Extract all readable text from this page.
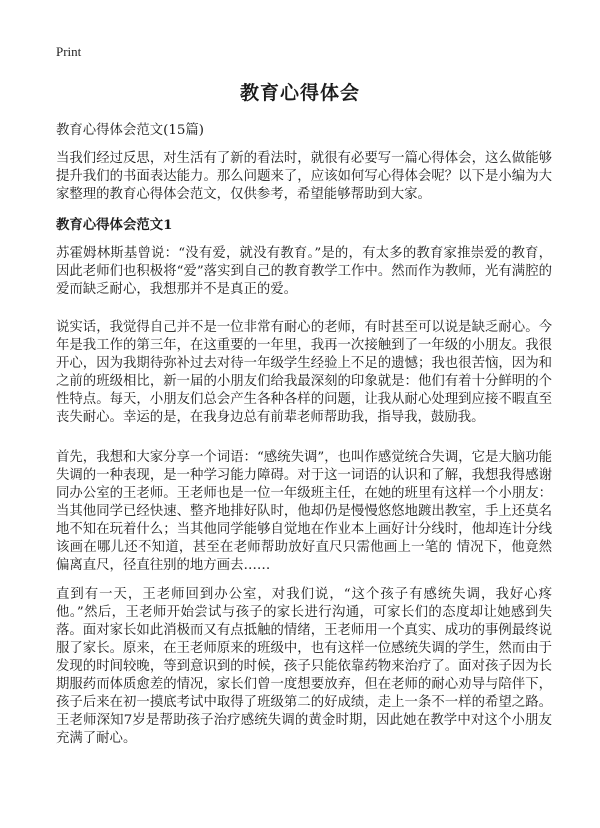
Print
教育心得体会
教育心得体会范文(15篇)

当我们经过反思，对生活有了新的看法时，就很有必要写一篇心得体会，这么做能够提升我们的书面表达能力。那么问题来了，应该如何写心得体会呢？以下是小编为大家整理的教育心得体会范文，仅供参考，希望能够帮助到大家。

教育心得体会范文1

苏霍姆林斯基曾说：“没有爱，就没有教育。”是的，有太多的教育家推崇爱的教育，因此老师们也积极将“爱”落实到自己的教育教学工作中。然而作为教师，光有满腔的爱而缺乏耐心，我想那并不是真正的爱。

说实话，我觉得自己并不是一位非常有耐心的老师，有时甚至可以说是缺乏耐心。今年是我工作的第三年，在这重要的一年里，我再一次接触到了一年级的小朋友。我很开心，因为我期待弥补过去对待一年级学生经验上不足的遗憾；我也很苦恼，因为和之前的班级相比，新一届的小朋友们给我最深刻的印象就是：他们有着十分鲜明的个性特点。每天，小朋友们总会产生各种各样的问题，让我从耐心处理到应接不暇直至丧失耐心。幸运的是，在我身边总有前辈老师帮助我，指导我，鼓励我。

首先，我想和大家分享一个词语：“感统失调”，也叫作感觉统合失调，它是大脑功能失调的一种表现，是一种学习能力障碍。对于这一词语的认识和了解，我想我得感谢同办公室的王老师。王老师也是一位一年级班主任，在她的班里有这样一个小朋友：当其他同学已经快速、整齐地排好队时，他却仍是慢慢悠悠地踱出教室，手上还莫名地不知在玩着什么；当其他同学能够自觉地在作业本上画好计分线时，他却连计分线该画在哪儿还不知道，甚至在老师帮助放好直尺只需他画上一笔的 情况下，他竟然偏离直尺，径直往别的地方画去……

直到有一天，王老师回到办公室，对我们说，“这个孩子有感统失调，我好心疼他。”然后，王老师开始尝试与孩子的家长进行沟通，可家长们的态度却让她感到失落。面对家长如此消极而又有点抵触的情绪，王老师用一个真实、成功的事例最终说服了家长。原来，在王老师原来的班级中，也有这样一位感统失调的学生，然而由于发现的时间较晚，等到意识到的时候，孩子只能依靠药物来治疗了。面对孩子因为长期服药而体质愈差的情况，家长们曾一度想要放弃，但在老师的耐心劝导与陪伴下，孩子后来在初一摸底考试中取得了班级第二的好成绩，走上一条不一样的希望之路。王老师深知7岁是帮助孩子治疗感统失调的黄金时期，因此她在教学中对这个小朋友充满了耐心。
